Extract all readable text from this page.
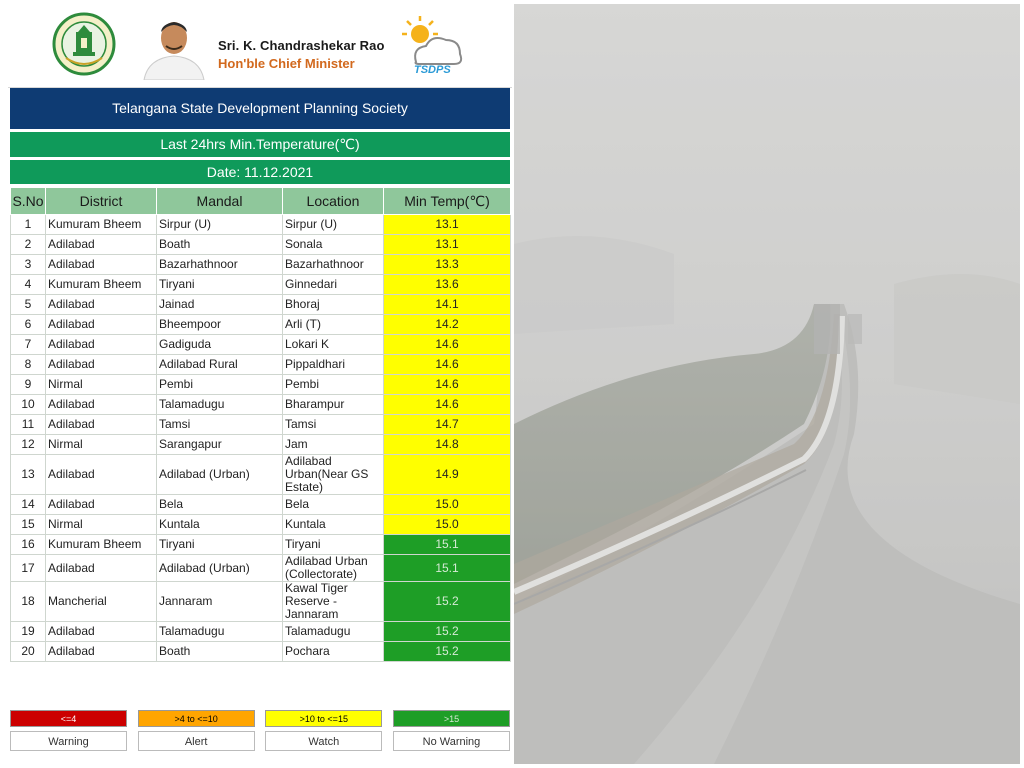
Sri. K. Chandrashekar Rao
Hon'ble Chief Minister	TSDPS
Telangana State Development Planning Society
Last 24hrs Min.Temperature(℃)
Date: 11.12.2021
S.No	District	Mandal	Location	Min Temp(℃)
1	Kumuram Bheem	Sirpur (U)	Sirpur (U)	13.1
2	Adilabad	Boath	Sonala	13.1
3	Adilabad	Bazarhathnoor	Bazarhathnoor	13.3
4	Kumuram Bheem	Tiryani	Ginnedari	13.6
5	Adilabad	Jainad	Bhoraj	14.1
6	Adilabad	Bheempoor	Arli (T)	14.2
7	Adilabad	Gadiguda	Lokari K	14.6
8	Adilabad	Adilabad Rural	Pippaldhari	14.6
9	Nirmal	Pembi	Pembi	14.6
10	Adilabad	Talamadugu	Bharampur	14.6
11	Adilabad	Tamsi	Tamsi	14.7
12	Nirmal	Sarangapur	Jam	14.8
13	Adilabad	Adilabad (Urban)	Adilabad Urban(Near GS Estate)	14.9
14	Adilabad	Bela	Bela	15.0
15	Nirmal	Kuntala	Kuntala	15.0
16	Kumuram Bheem	Tiryani	Tiryani	15.1
17	Adilabad	Adilabad (Urban)	Adilabad Urban (Collectorate)	15.1
18	Mancherial	Jannaram	Kawal Tiger Reserve - Jannaram	15.2
19	Adilabad	Talamadugu	Talamadugu	15.2
20	Adilabad	Boath	Pochara	15.2
<=4	>4 to <=10	>10 to <=15	>15
Warning	Alert	Watch	No Warning
